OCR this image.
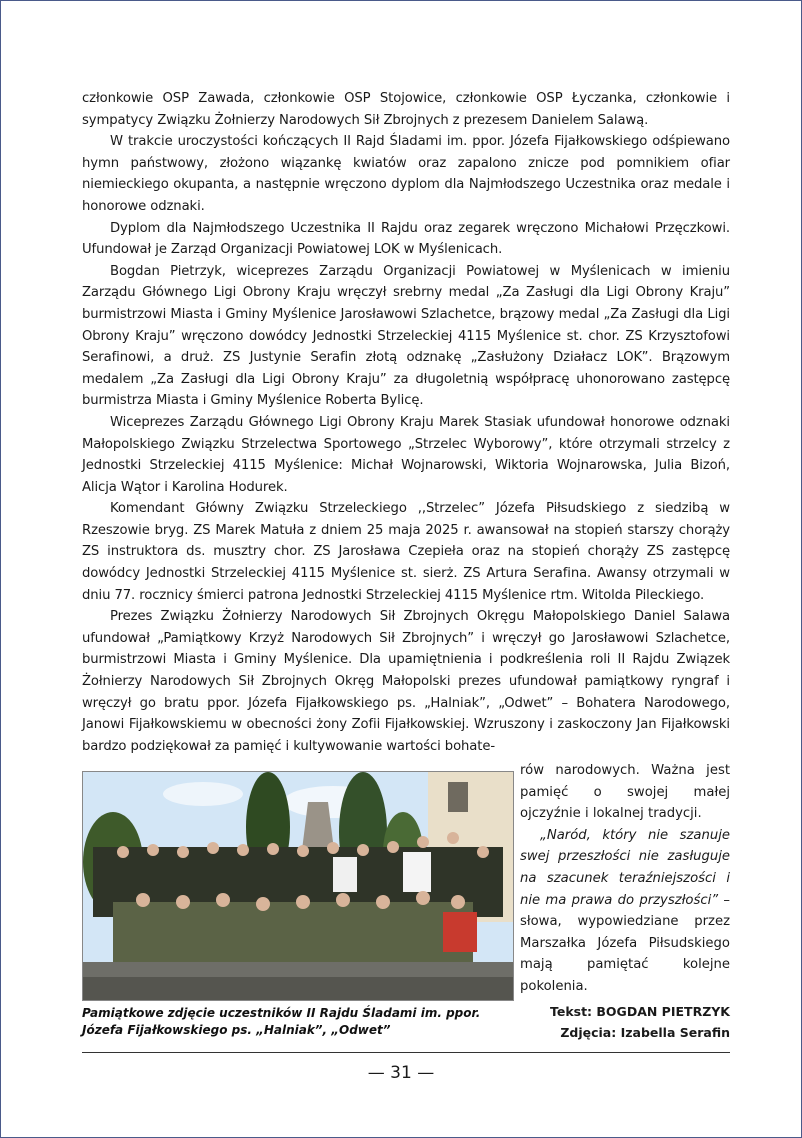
członkowie OSP Zawada, członkowie OSP Stojowice, członkowie OSP Łyczanka, członkowie i sympatycy Związku Żołnierzy Narodowych Sił Zbrojnych z prezesem Danielem Salawą.

W trakcie uroczystości kończących II Rajd Śladami im. ppor. Józefa Fijałkowskiego odśpiewano hymn państwowy, złożono wiązankę kwiatów oraz zapalono znicze pod pomnikiem ofiar niemieckiego okupanta, a następnie wręczono dyplom dla Najmłodszego Uczestnika oraz medale i honorowe odznaki.

Dyplom dla Najmłodszego Uczestnika II Rajdu oraz zegarek wręczono Michałowi Przęczkowi. Ufundował je Zarząd Organizacji Powiatowej LOK w Myślenicach.

Bogdan Pietrzyk, wiceprezes Zarządu Organizacji Powiatowej w Myślenicach w imieniu Zarządu Głównego Ligi Obrony Kraju wręczył srebrny medal „Za Zasługi dla Ligi Obrony Kraju” burmistrzowi Miasta i Gminy Myślenice Jarosławowi Szlachetce, brązowy medal „Za Zasługi dla Ligi Obrony Kraju” wręczono dowódcy Jednostki Strzeleckiej 4115 Myślenice st. chor. ZS Krzysztofowi Serafinowi, a druż. ZS Justynie Serafin złotą odznakę „Zasłużony Działacz LOK”. Brązowym medalem „Za Zasługi dla Ligi Obrony Kraju” za długoletnią współpracę uhonorowano zastępcę burmistrza Miasta i Gminy Myślenice Roberta Bylicę.

Wiceprezes Zarządu Głównego Ligi Obrony Kraju Marek Stasiak ufundował honorowe odznaki Małopolskiego Związku Strzelectwa Sportowego „Strzelec Wyborowy”, które otrzymali strzelcy z Jednostki Strzeleckiej 4115 Myślenice: Michał Wojnarowski, Wiktoria Wojnarowska, Julia Bizoń, Alicja Wątor i Karolina Hodurek.

Komendant Główny Związku Strzeleckiego ,,Strzelec” Józefa Piłsudskiego z siedzibą w Rzeszowie bryg. ZS Marek Matuła z dniem 25 maja 2025 r. awansował na stopień starszy chorąży ZS instruktora ds. musztry chor. ZS Jarosława Czepieła oraz na stopień chorąży ZS zastępcę dowódcy Jednostki Strzeleckiej 4115 Myślenice st. sierż. ZS Artura Serafina. Awansy otrzymali w dniu 77. rocznicy śmierci patrona Jednostki Strzeleckiej 4115 Myślenice rtm. Witolda Pileckiego.

Prezes Związku Żołnierzy Narodowych Sił Zbrojnych Okręgu Małopolskiego Daniel Salawa ufundował „Pamiątkowy Krzyż Narodowych Sił Zbrojnych” i wręczył go Jarosławowi Szlachetce, burmistrzowi Miasta i Gminy Myślenice. Dla upamiętnienia i podkreślenia roli II Rajdu Związek Żołnierzy Narodowych Sił Zbrojnych Okręg Małopolski prezes ufundował pamiątkowy ryngraf i wręczył go bratu ppor. Józefa Fijałkowskiego ps. „Halniak”, „Odwet” – Bohatera Narodowego, Janowi Fijałkowskiemu w obecności żony Zofii Fijałkowskiej. Wzruszony i zaskoczony Jan Fijałkowski bardzo podziękował za pamięć i kultywowanie wartości bohate-

rów narodowych. Ważna jest pamięć o swojej małej ojczyźnie i lokalnej tradycji.

„Naród, który nie szanuje swej przeszłości nie zasługuje na szacunek teraźniejszości i nie ma prawa do przyszłości” – słowa, wypowiedziane przez Marszałka Józefa Piłsudskiego mają pamiętać kolejne pokolenia.

Pamiątkowe zdjęcie uczestników II Rajdu Śladami im. ppor. Józefa Fijałkowskiego ps. „Halniak”, „Odwet”
Tekst: BOGDAN PIETRZYK
Zdjęcia: Izabella Serafin
— 31 —
